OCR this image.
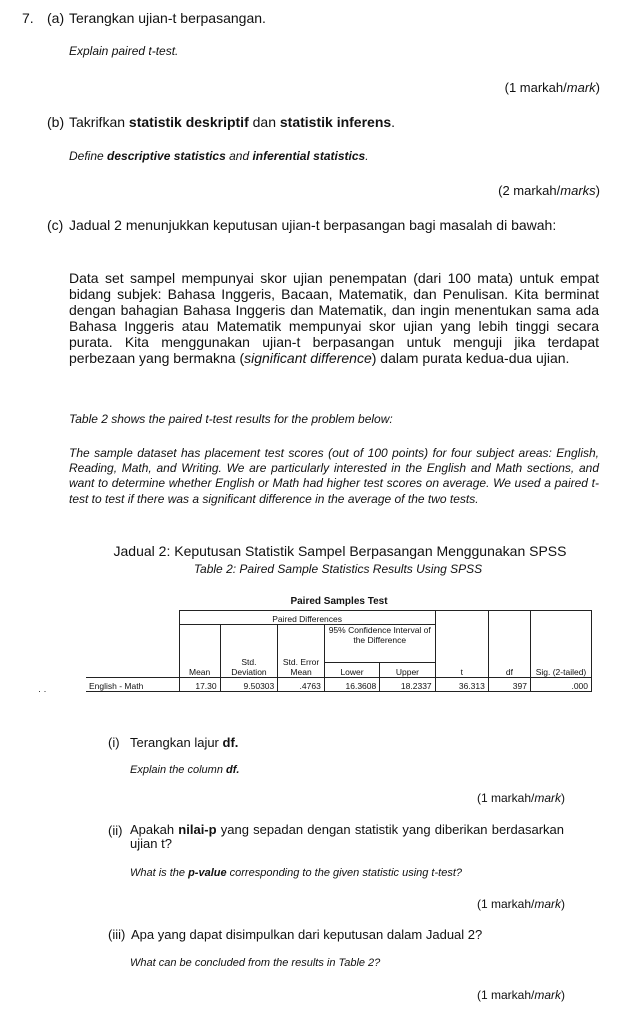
7. (a) Terangkan ujian-t berpasangan.
Explain paired t-test.
(1 markah/mark)
(b) Takrifkan statistik deskriptif dan statistik inferens.
Define descriptive statistics and inferential statistics.
(2 markah/marks)
(c) Jadual 2 menunjukkan keputusan ujian-t berpasangan bagi masalah di bawah:
Data set sampel mempunyai skor ujian penempatan (dari 100 mata) untuk empat bidang subjek: Bahasa Inggeris, Bacaan, Matematik, dan Penulisan. Kita berminat dengan bahagian Bahasa Inggeris dan Matematik, dan ingin menentukan sama ada Bahasa Inggeris atau Matematik mempunyai skor ujian yang lebih tinggi secara purata. Kita menggunakan ujian-t berpasangan untuk menguji jika terdapat perbezaan yang bermakna (significant difference) dalam purata kedua-dua ujian.
Table 2 shows the paired t-test results for the problem below:
The sample dataset has placement test scores (out of 100 points) for four subject areas: English, Reading, Math, and Writing. We are particularly interested in the English and Math sections, and want to determine whether English or Math had higher test scores on average. We used a paired t-test to test if there was a significant difference in the average of the two tests.
Jadual 2: Keputusan Statistik Sampel Berpasangan Menggunakan SPSS
Table 2: Paired Sample Statistics Results Using SPSS
Paired Samples Test
	Paired Differences					t	df	Sig. (2-tailed)
	Mean	Std. Deviation	Std. Error Mean	95% Confidence Interval of the Difference				
				Lower	Upper			
English - Math	17.30	9.50303	.4763	16.3608	18.2337	36.313	397	.000
· ·
(i) Terangkan lajur df.
Explain the column df.
(1 markah/mark)
(ii) Apakah nilai-p yang sepadan dengan statistik yang diberikan berdasarkan ujian t?
What is the p-value corresponding to the given statistic using t-test?
(1 markah/mark)
(iii) Apa yang dapat disimpulkan dari keputusan dalam Jadual 2?
What can be concluded from the results in Table 2?
(1 markah/mark)
